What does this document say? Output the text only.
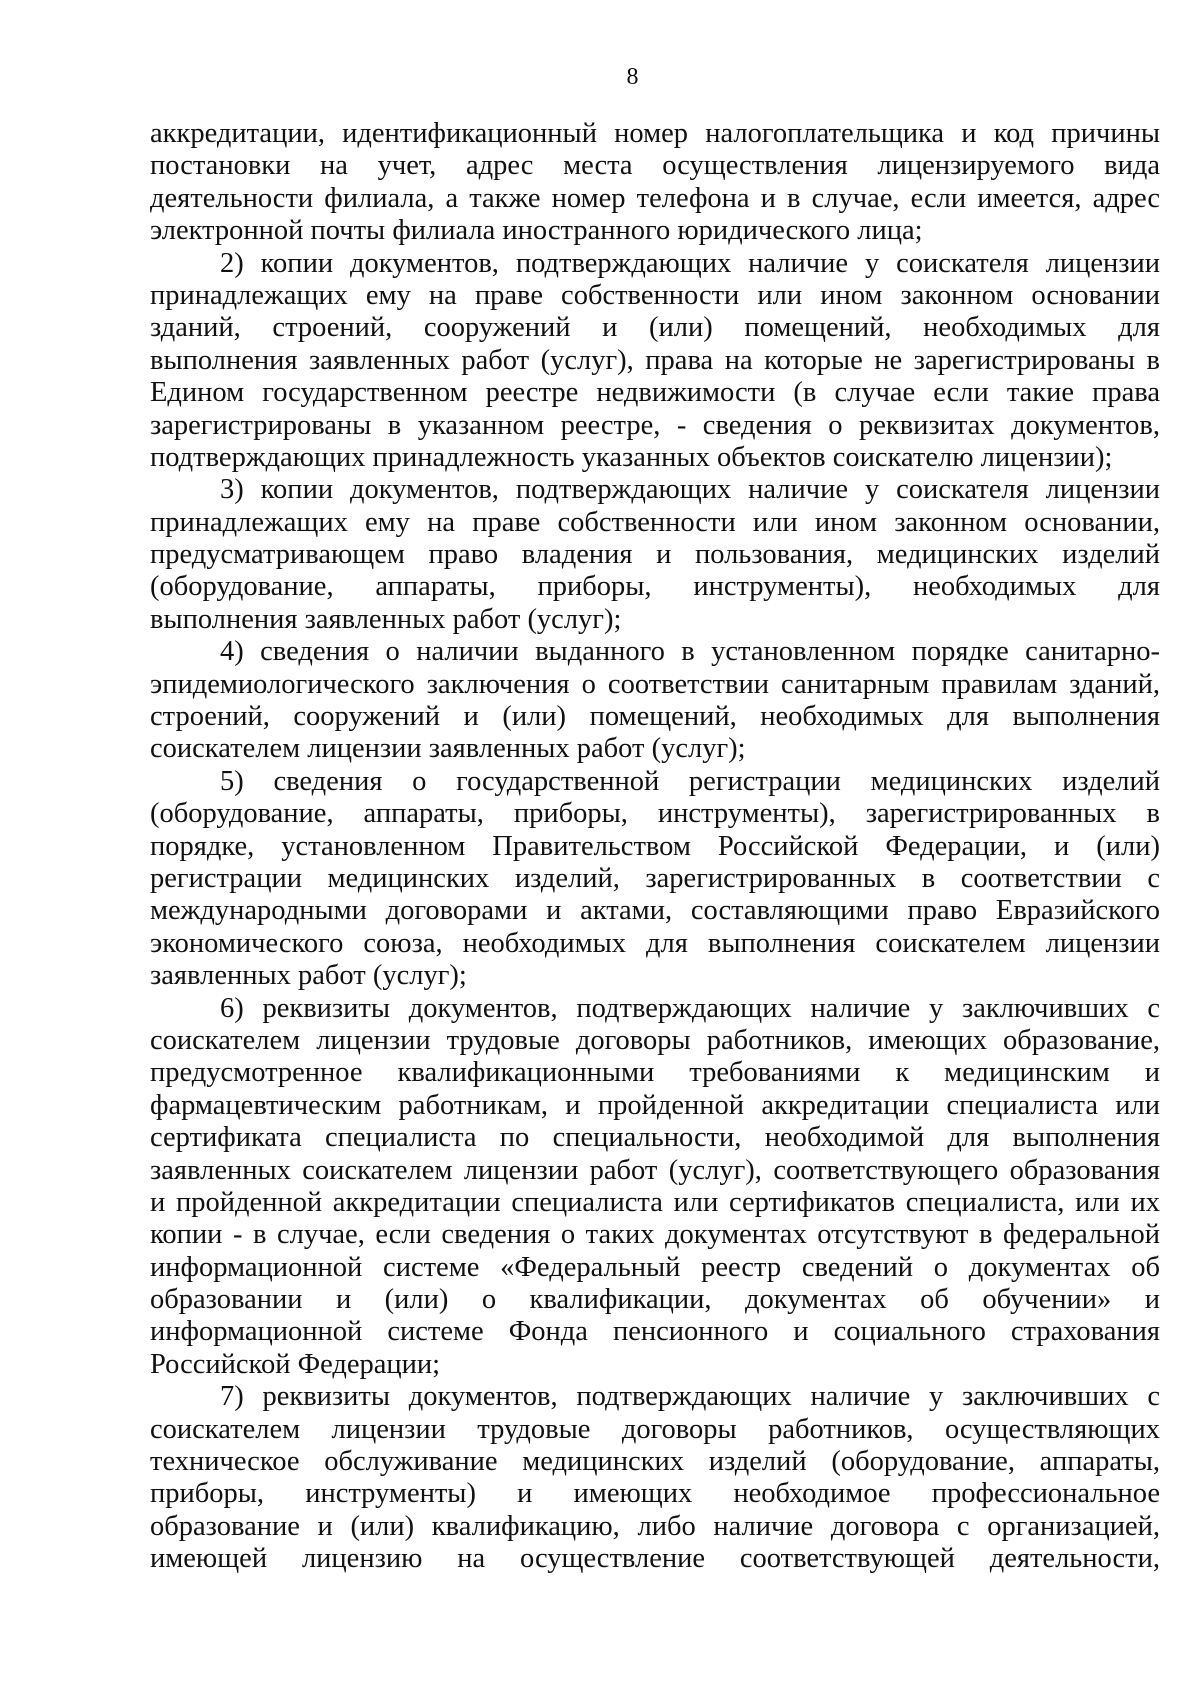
8
аккредитации, идентификационный номер налогоплательщика и код причины
постановки на учет, адрес места осуществления лицензируемого вида
деятельности филиала, а также номер телефона и в случае, если имеется, адрес
электронной почты филиала иностранного юридического лица;
2) копии документов, подтверждающих наличие у соискателя лицензии
принадлежащих ему на праве собственности или ином законном основании
зданий, строений, сооружений и (или) помещений, необходимых для
выполнения заявленных работ (услуг), права на которые не зарегистрированы в
Едином государственном реестре недвижимости (в случае если такие права
зарегистрированы в указанном реестре, - сведения о реквизитах документов,
подтверждающих принадлежность указанных объектов соискателю лицензии);
3) копии документов, подтверждающих наличие у соискателя лицензии
принадлежащих ему на праве собственности или ином законном основании,
предусматривающем право владения и пользования, медицинских изделий
(оборудование, аппараты, приборы, инструменты), необходимых для
выполнения заявленных работ (услуг);
4) сведения о наличии выданного в установленном порядке санитарно-
эпидемиологического заключения о соответствии санитарным правилам зданий,
строений, сооружений и (или) помещений, необходимых для выполнения
соискателем лицензии заявленных работ (услуг);
5) сведения о государственной регистрации медицинских изделий
(оборудование, аппараты, приборы, инструменты), зарегистрированных в
порядке, установленном Правительством Российской Федерации, и (или)
регистрации медицинских изделий, зарегистрированных в соответствии с
международными договорами и актами, составляющими право Евразийского
экономического союза, необходимых для выполнения соискателем лицензии
заявленных работ (услуг);
6) реквизиты документов, подтверждающих наличие у заключивших с
соискателем лицензии трудовые договоры работников, имеющих образование,
предусмотренное квалификационными требованиями к медицинским и
фармацевтическим работникам, и пройденной аккредитации специалиста или
сертификата специалиста по специальности, необходимой для выполнения
заявленных соискателем лицензии работ (услуг), соответствующего образования
и пройденной аккредитации специалиста или сертификатов специалиста, или их
копии - в случае, если сведения о таких документах отсутствуют в федеральной
информационной системе «Федеральный реестр сведений о документах об
образовании и (или) о квалификации, документах об обучении» и
информационной системе Фонда пенсионного и социального страхования
Российской Федерации;
7) реквизиты документов, подтверждающих наличие у заключивших с
соискателем лицензии трудовые договоры работников, осуществляющих
техническое обслуживание медицинских изделий (оборудование, аппараты,
приборы, инструменты) и имеющих необходимое профессиональное
образование и (или) квалификацию, либо наличие договора с организацией,
имеющей лицензию на осуществление соответствующей деятельности,
